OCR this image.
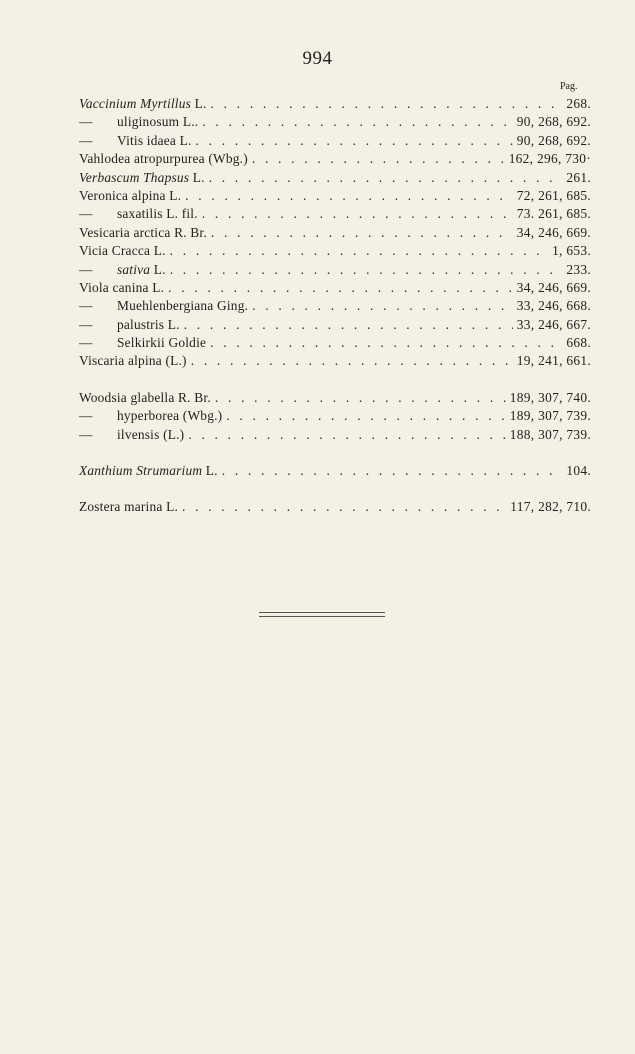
994
Pag.
Vaccinium Myrtillus L. . . .	268.
— uliginosum L.. . . .	90, 268, 692.
— Vitis idaea L. . . .	90, 268, 692.
Vahlodea atropurpurea (Wbg.) . . .	162, 296, 730·
Verbascum Thapsus L. . . .	261.
Veronica alpina L. . . .	72, 261, 685.
— saxatilis L. fil. . . .	73. 261, 685.
Vesicaria arctica R. Br. . . .	34, 246, 669.
Vicia Cracca L. . . .	1, 653.
— sativa L. . . .	233.
Viola canina L. . . .	34, 246, 669.
— Muehlenbergiana Ging. . . .	33, 246, 668.
— palustris L. . . .	33, 246, 667.
— Selkirkii Goldie . . .	668.
Viscaria alpina (L.) . . .	19, 241, 661.
Woodsia glabella R. Br. . . .	189, 307, 740.
— hyperborea (Wbg.) . . .	189, 307, 739.
— ilvensis (L.) . . .	188, 307, 739.
Xanthium Strumarium L. . . .	104.
Zostera marina L. . . .	117, 282, 710.
